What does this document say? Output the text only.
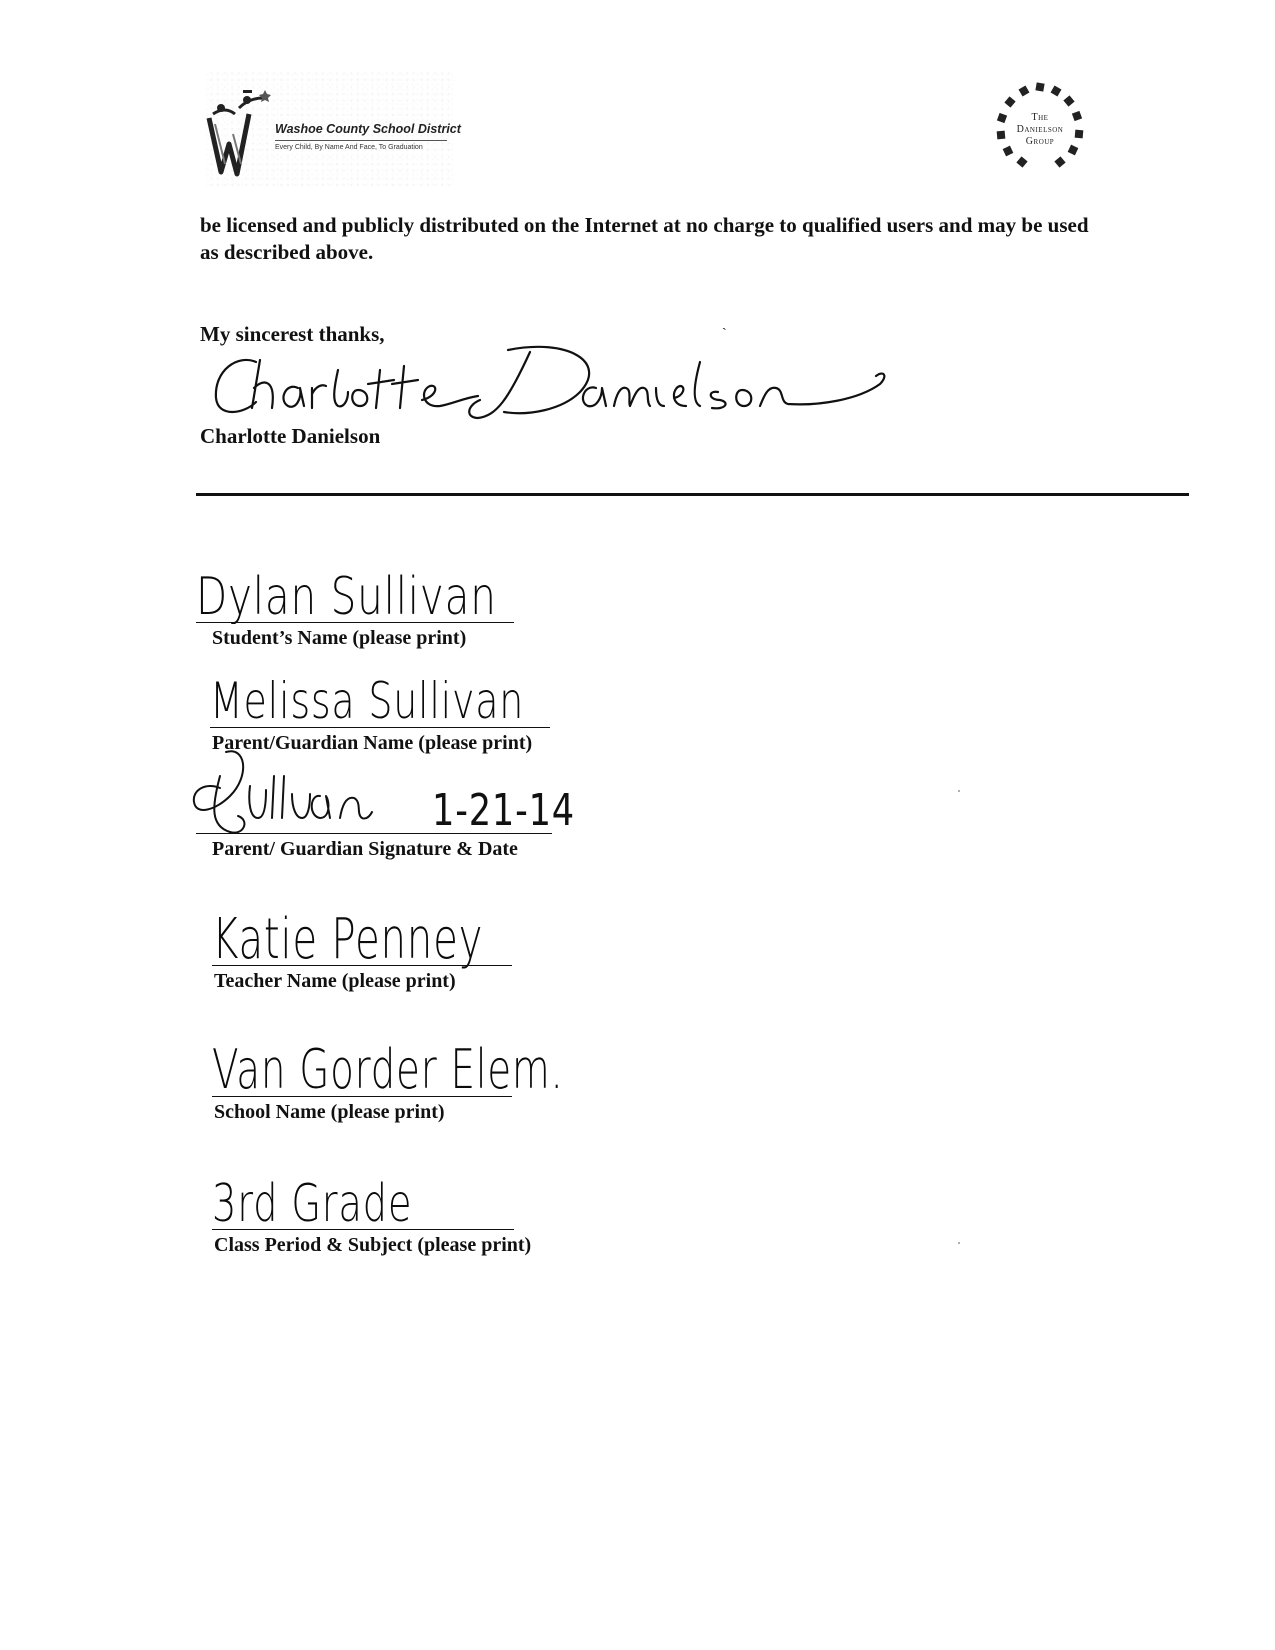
Washoe County School District
Every Child, By Name And Face, To Graduation
The
Danielson
Group
be licensed and publicly distributed on the Internet at no charge to qualified users and may be used as described above.
ˎ
My sincerest thanks,
Charlotte Danielson
Dylan Sullivan
Student’s Name (please print)
Melissa Sullivan
Parent/Guardian Name (please print)
1-21-14
Parent/ Guardian Signature & Date
Katie Penney
Teacher Name (please print)
Van Gorder Elem.
School Name (please print)
3rd Grade
Class Period & Subject (please print)
